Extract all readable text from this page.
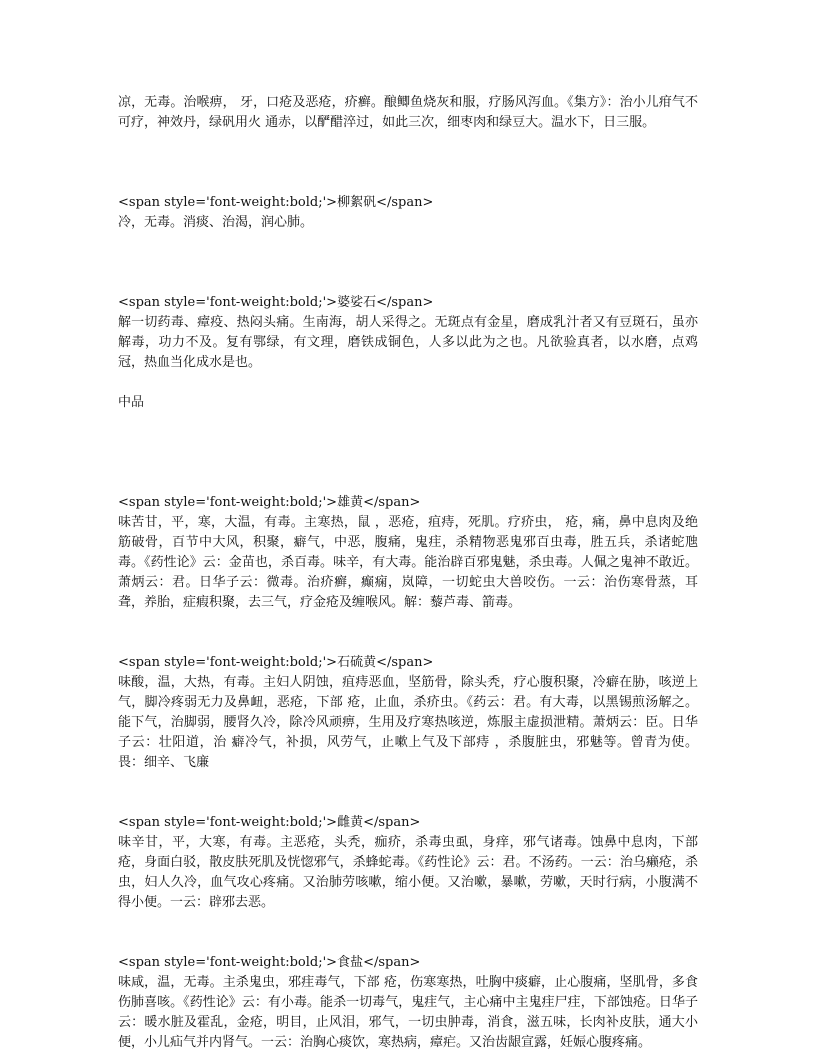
凉，无毒。治喉痹， 牙，口疮及恶疮，疥癣。酿鲫鱼烧灰和服，疗肠风泻血。《集方》：治小儿疳气不可疗，神效丹，绿矾用火 通赤，以酽醋淬过，如此三次，细枣肉和绿豆大。温水下，日三服。

<span style='font-weight:bold;'>柳絮矾</span>

冷，无毒。消痰、治渴，润心肺。

<span style='font-weight:bold;'>婆娑石</span>

解一切药毒、瘴疫、热闷头痛。生南海，胡人采得之。无斑点有金星，磨成乳汁者又有豆斑石，虽亦解毒，功力不及。复有鄂绿，有文理，磨铁成铜色，人多以此为之也。凡欲验真者，以水磨，点鸡冠，热血当化成水是也。

中品

<span style='font-weight:bold;'>雄黄</span>

味苦甘，平，寒，大温，有毒。主寒热，鼠 ，恶疮，疽痔，死肌。疗疥虫， 疮，痛，鼻中息肉及绝筋破骨，百节中大风，积聚，癖气，中恶，腹痛，鬼疰，杀精物恶鬼邪百虫毒，胜五兵，杀诸蛇虺毒。《药性论》云：金苗也，杀百毒。味辛，有大毒。能治辟百邪鬼魅，杀虫毒。人佩之鬼神不敢近。萧炳云：君。日华子云：微毒。治疥癣，癫痫，岚障，一切蛇虫大兽咬伤。一云：治伤寒骨蒸，耳聋，养胎，症瘕积聚，去三气，疗金疮及缠喉风。解：藜芦毒、箭毒。

<span style='font-weight:bold;'>石硫黄</span>

味酸，温，大热，有毒。主妇人阴蚀，疽痔恶血，坚筋骨，除头秃，疗心腹积聚，冷癖在胁，咳逆上气，脚冷疼弱无力及鼻衄，恶疮，下部 疮，止血，杀疥虫。《药云：君。有大毒，以黑锡煎汤解之。能下气，治脚弱，腰肾久冷，除冷风顽痹，生用及疗寒热咳逆，炼服主虚损泄精。萧炳云：臣。日华子云：壮阳道，治 癖冷气，补损，风劳气，止嗽上气及下部痔 ，杀腹脏虫，邪魅等。曾青为使。畏：细辛、飞廉

<span style='font-weight:bold;'>雌黄</span>

味辛甘，平，大寒，有毒。主恶疮，头秃，痂疥，杀毒虫虱，身痒，邪气诸毒。蚀鼻中息肉，下部 疮，身面白驳，散皮肤死肌及恍惚邪气，杀蜂蛇毒。《药性论》云：君。不汤药。一云：治乌癞疮，杀虫，妇人久冷，血气攻心疼痛。又治肺劳咳嗽，缩小便。又治嗽，暴嗽，劳嗽，天时行病，小腹满不得小便。一云：辟邪去恶。

<span style='font-weight:bold;'>食盐</span>

味咸，温，无毒。主杀鬼虫，邪疰毒气，下部 疮，伤寒寒热，吐胸中痰癖，止心腹痛，坚肌骨，多食伤肺喜咳。《药性论》云：有小毒。能杀一切毒气，鬼疰气，主心痛中主鬼疰尸疰，下部蚀疮。日华子云：暖水脏及霍乱，金疮，明目，止风泪，邪气，一切虫肿毒，消食，滋五味，长肉补皮肤，通大小便，小儿疝气并内肾气。一云：治胸心痰饮，寒热病，瘴疟。又治齿龈宣露，妊娠心腹疼痛。
